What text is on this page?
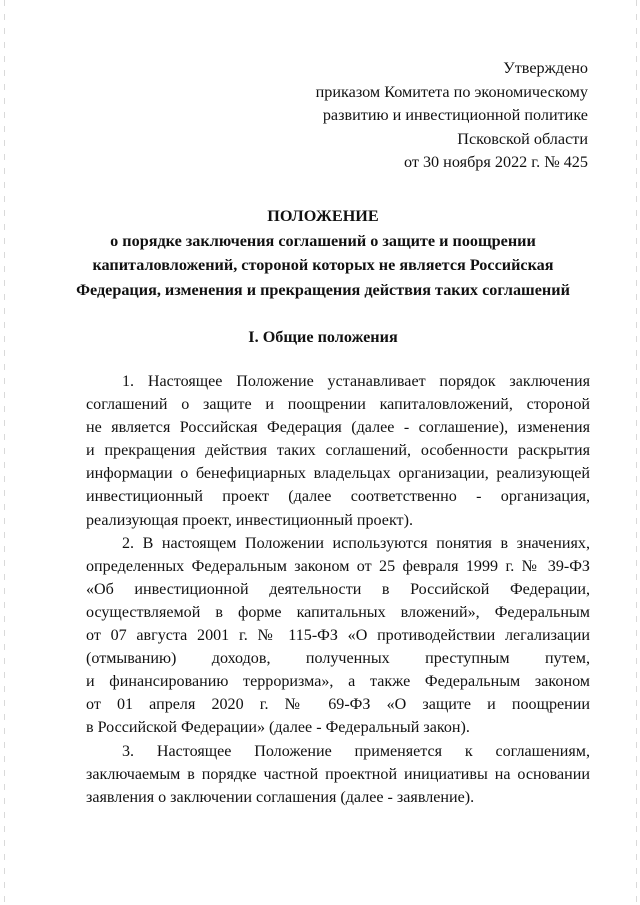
Утверждено
приказом Комитета по экономическому
развитию и инвестиционной политике
Псковской области
от 30 ноября 2022 г. № 425
ПОЛОЖЕНИЕ
о порядке заключения соглашений о защите и поощрении
капиталовложений, стороной которых не является Российская
Федерация, изменения и прекращения действия таких соглашений
I. Общие положения
1. Настоящее Положение устанавливает порядок заключения
соглашений о защите и поощрении капиталовложений, стороной
не является Российская Федерация (далее - соглашение), изменения
и прекращения действия таких соглашений, особенности раскрытия
информации о бенефициарных владельцах организации, реализующей
инвестиционный проект (далее соответственно - организация,
реализующая проект, инвестиционный проект).
2. В настоящем Положении используются понятия в значениях,
определенных Федеральным законом от 25 февраля 1999 г. № 39-ФЗ
«Об инвестиционной деятельности в Российской Федерации,
осуществляемой в форме капитальных вложений», Федеральным
от 07 августа 2001 г. № 115-ФЗ «О противодействии легализации
(отмыванию) доходов, полученных преступным путем,
и финансированию терроризма», а также Федеральным законом
от 01 апреля 2020 г. № 69-ФЗ «О защите и поощрении
в Российской Федерации» (далее - Федеральный закон).
3. Настоящее Положение применяется к соглашениям,
заключаемым в порядке частной проектной инициативы на основании
заявления о заключении соглашения (далее - заявление).
